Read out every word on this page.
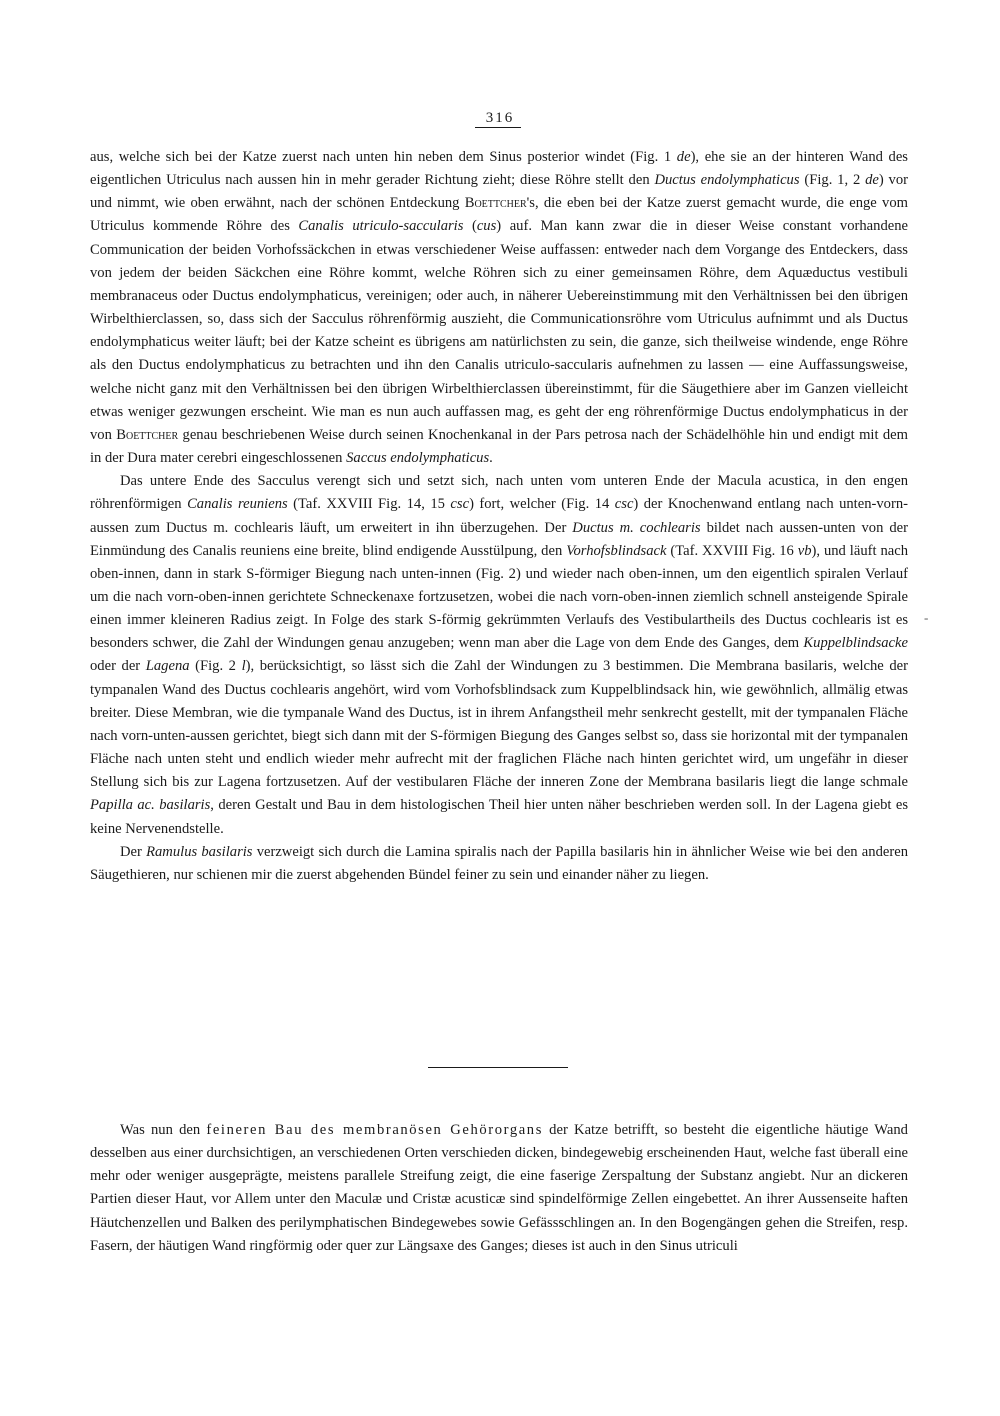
316

aus, welche sich bei der Katze zuerst nach unten hin neben dem Sinus posterior windet (Fig. 1 de), ehe sie an der hinteren Wand des eigentlichen Utriculus nach aussen hin in mehr gerader Richtung zieht; diese Röhre stellt den Ductus endolymphaticus (Fig. 1, 2 de) vor und nimmt, wie oben erwähnt, nach der schönen Entdeckung Boettcher's, die eben bei der Katze zuerst gemacht wurde, die enge vom Utriculus kommende Röhre des Canalis utriculo-saccularis (cus) auf. Man kann zwar die in dieser Weise constant vorhandene Communication der beiden Vorhofssäckchen in etwas verschiedener Weise auffassen: entweder nach dem Vorgange des Entdeckers, dass von jedem der beiden Säckchen eine Röhre kommt, welche Röhren sich zu einer gemeinsamen Röhre, dem Aquæductus vestibuli membranaceus oder Ductus endolymphaticus, vereinigen; oder auch, in näherer Uebereinstimmung mit den Verhältnissen bei den übrigen Wirbelthierclassen, so, dass sich der Sacculus röhrenförmig auszieht, die Communicationsröhre vom Utriculus aufnimmt und als Ductus endolymphaticus weiter läuft; bei der Katze scheint es übrigens am natürlichsten zu sein, die ganze, sich theilweise windende, enge Röhre als den Ductus endolymphaticus zu betrachten und ihn den Canalis utriculo-saccularis aufnehmen zu lassen — eine Auffassungsweise, welche nicht ganz mit den Verhältnissen bei den übrigen Wirbelthierclassen übereinstimmt, für die Säugethiere aber im Ganzen vielleicht etwas weniger gezwungen erscheint. Wie man es nun auch auffassen mag, es geht der eng röhrenförmige Ductus endolymphaticus in der von Boettcher genau beschriebenen Weise durch seinen Knochenkanal in der Pars petrosa nach der Schädelhöhle hin und endigt mit dem in der Dura mater cerebri eingeschlossenen Saccus endolymphaticus.

Das untere Ende des Sacculus verengt sich und setzt sich, nach unten vom unteren Ende der Macula acustica, in den engen röhrenförmigen Canalis reuniens (Taf. XXVIII Fig. 14, 15 csc) fort, welcher (Fig. 14 csc) der Knochenwand entlang nach unten-vorn-aussen zum Ductus m. cochlearis läuft, um erweitert in ihn überzugehen. Der Ductus m. cochlearis bildet nach aussen-unten von der Einmündung des Canalis reuniens eine breite, blind endigende Ausstülpung, den Vorhofsblindsack (Taf. XXVIII Fig. 16 vb), und läuft nach oben-innen, dann in stark S-förmiger Biegung nach unten-innen (Fig. 2) und wieder nach oben-innen, um den eigentlich spiralen Verlauf um die nach vorn-oben-innen gerichtete Schneckenaxe fortzusetzen, wobei die nach vorn-oben-innen ziemlich schnell ansteigende Spirale einen immer kleineren Radius zeigt. In Folge des stark S-förmig gekrümmten Verlaufs des Vestibulartheils des Ductus cochlearis ist es besonders schwer, die Zahl der Windungen genau anzugeben; wenn man aber die Lage von dem Ende des Ganges, dem Kuppelblindsacke oder der Lagena (Fig. 2 l), berücksichtigt, so lässt sich die Zahl der Windungen zu 3 bestimmen. Die Membrana basilaris, welche der tympanalen Wand des Ductus cochlearis angehört, wird vom Vorhofsblindsack zum Kuppelblindsack hin, wie gewöhnlich, allmälig etwas breiter. Diese Membran, wie die tympanale Wand des Ductus, ist in ihrem Anfangstheil mehr senkrecht gestellt, mit der tympanalen Fläche nach vorn-unten-aussen gerichtet, biegt sich dann mit der S-förmigen Biegung des Ganges selbst so, dass sie horizontal mit der tympanalen Fläche nach unten steht und endlich wieder mehr aufrecht mit der fraglichen Fläche nach hinten gerichtet wird, um ungefähr in dieser Stellung sich bis zur Lagena fortzusetzen. Auf der vestibularen Fläche der inneren Zone der Membrana basilaris liegt die lange schmale Papilla ac. basilaris, deren Gestalt und Bau in dem histologischen Theil hier unten näher beschrieben werden soll. In der Lagena giebt es keine Nervenendstelle.

Der Ramulus basilaris verzweigt sich durch die Lamina spiralis nach der Papilla basilaris hin in ähnlicher Weise wie bei den anderen Säugethieren, nur schienen mir die zuerst abgehenden Bündel feiner zu sein und einander näher zu liegen.

-

Was nun den feineren Bau des membranösen Gehörorgans der Katze betrifft, so besteht die eigentliche häutige Wand desselben aus einer durchsichtigen, an verschiedenen Orten verschieden dicken, bindegewebig erscheinenden Haut, welche fast überall eine mehr oder weniger ausgeprägte, meistens parallele Streifung zeigt, die eine faserige Zerspaltung der Substanz angiebt. Nur an dickeren Partien dieser Haut, vor Allem unter den Maculæ und Cristæ acusticæ sind spindelförmige Zellen eingebettet. An ihrer Aussenseite haften Häutchenzellen und Balken des perilymphatischen Bindegewebes sowie Gefässschlingen an. In den Bogengängen gehen die Streifen, resp. Fasern, der häutigen Wand ringförmig oder quer zur Längsaxe des Ganges; dieses ist auch in den Sinus utriculi
